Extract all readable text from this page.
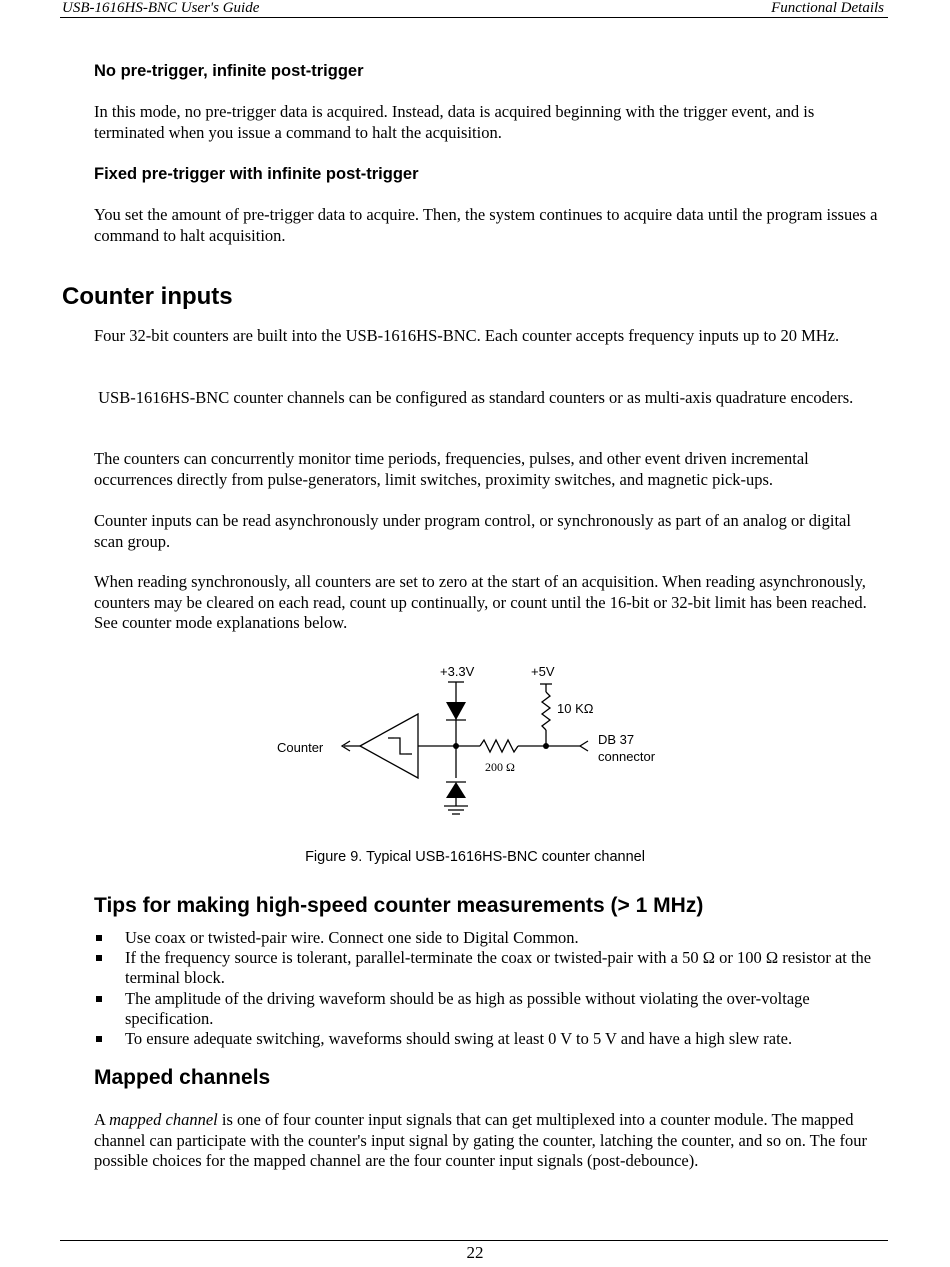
USB-1616HS-BNC User's Guide	Functional Details
No pre-trigger, infinite post-trigger

In this mode, no pre-trigger data is acquired. Instead, data is acquired beginning with the trigger event, and is terminated when you issue a command to halt the acquisition.

Fixed pre-trigger with infinite post-trigger

You set the amount of pre-trigger data to acquire. Then, the system continues to acquire data until the program issues a command to halt acquisition.

Counter inputs

Four 32-bit counters are built into the USB-1616HS-BNC. Each counter accepts frequency inputs up to 20 MHz.

USB-1616HS-BNC counter channels can be configured as standard counters or as multi-axis quadrature encoders.

The counters can concurrently monitor time periods, frequencies, pulses, and other event driven incremental occurrences directly from pulse-generators, limit switches, proximity switches, and magnetic pick-ups.

Counter inputs can be read asynchronously under program control, or synchronously as part of an analog or digital scan group.

When reading synchronously, all counters are set to zero at the start of an acquisition. When reading asynchronously, counters may be cleared on each read, count up continually, or count until the 16-bit or 32-bit limit has been reached. See counter mode explanations below.

+3.3V	+5V
10 KΩ
200 Ω
Counter
DB 37
connector
Figure 9. Typical USB-1616HS-BNC counter channel
Tips for making high-speed counter measurements (> 1 MHz)
Use coax or twisted-pair wire. Connect one side to Digital Common.
If the frequency source is tolerant, parallel-terminate the coax or twisted-pair with a 50 Ω or 100 Ω resistor at the terminal block.
The amplitude of the driving waveform should be as high as possible without violating the over-voltage specification.
To ensure adequate switching, waveforms should swing at least 0 V to 5 V and have a high slew rate.
Mapped channels

A mapped channel is one of four counter input signals that can get multiplexed into a counter module. The mapped channel can participate with the counter's input signal by gating the counter, latching the counter, and so on. The four possible choices for the mapped channel are the four counter input signals (post-debounce).

22
